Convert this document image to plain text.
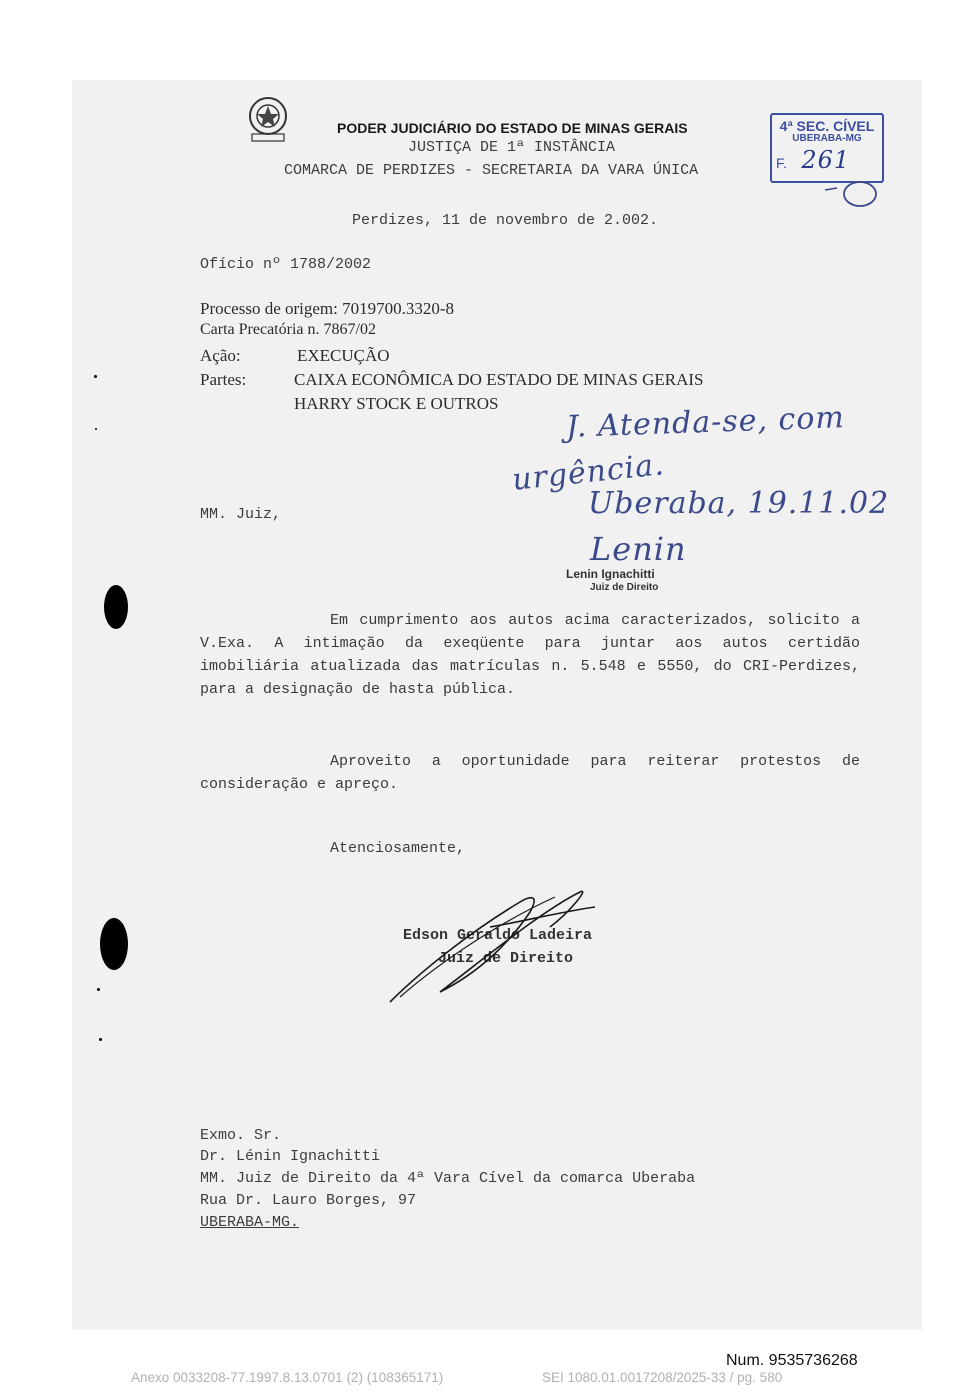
PODER JUDICIÁRIO DO ESTADO DE MINAS GERAIS
JUSTIÇA DE 1ª INSTÂNCIA
COMARCA DE PERDIZES - SECRETARIA DA VARA ÚNICA
4ª SEC. CÍVEL
UBERABA-MG
F. 261
Perdizes, 11 de novembro de 2.002.
Ofício nº 1788/2002
Processo de origem: 7019700.3320-8
Carta Precatória n. 7867/02
Ação:	EXECUÇÃO
Partes:	CAIXA ECONÔMICA DO ESTADO DE MINAS GERAIS
HARRY STOCK E OUTROS J. Atenda-se, com
urgência.
Uberaba, 19.11.02
Lenin
Lenin Ignachitti
Juiz de Direito
MM. Juiz,
Em cumprimento aos autos acima caracterizados, solicito a V.Exa. A intimação da exeqüente para juntar aos autos certidão imobiliária atualizada das matrículas n. 5.548 e 5550, do CRI-Perdizes, para a designação de hasta pública.
Aproveito a oportunidade para reiterar protestos de consideração e apreço.
Atenciosamente,
Edson Geraldo Ladeira
Juiz de Direito
Exmo. Sr.
Dr. Lénin Ignachitti
MM. Juiz de Direito da 4ª Vara Cível da comarca Uberaba
Rua Dr. Lauro Borges, 97
UBERABA-MG.
Num. 9535736268
Anexo 0033208-77.1997.8.13.0701 (2) (108365171)	SEI 1080.01.0017208/2025-33 / pg. 580
